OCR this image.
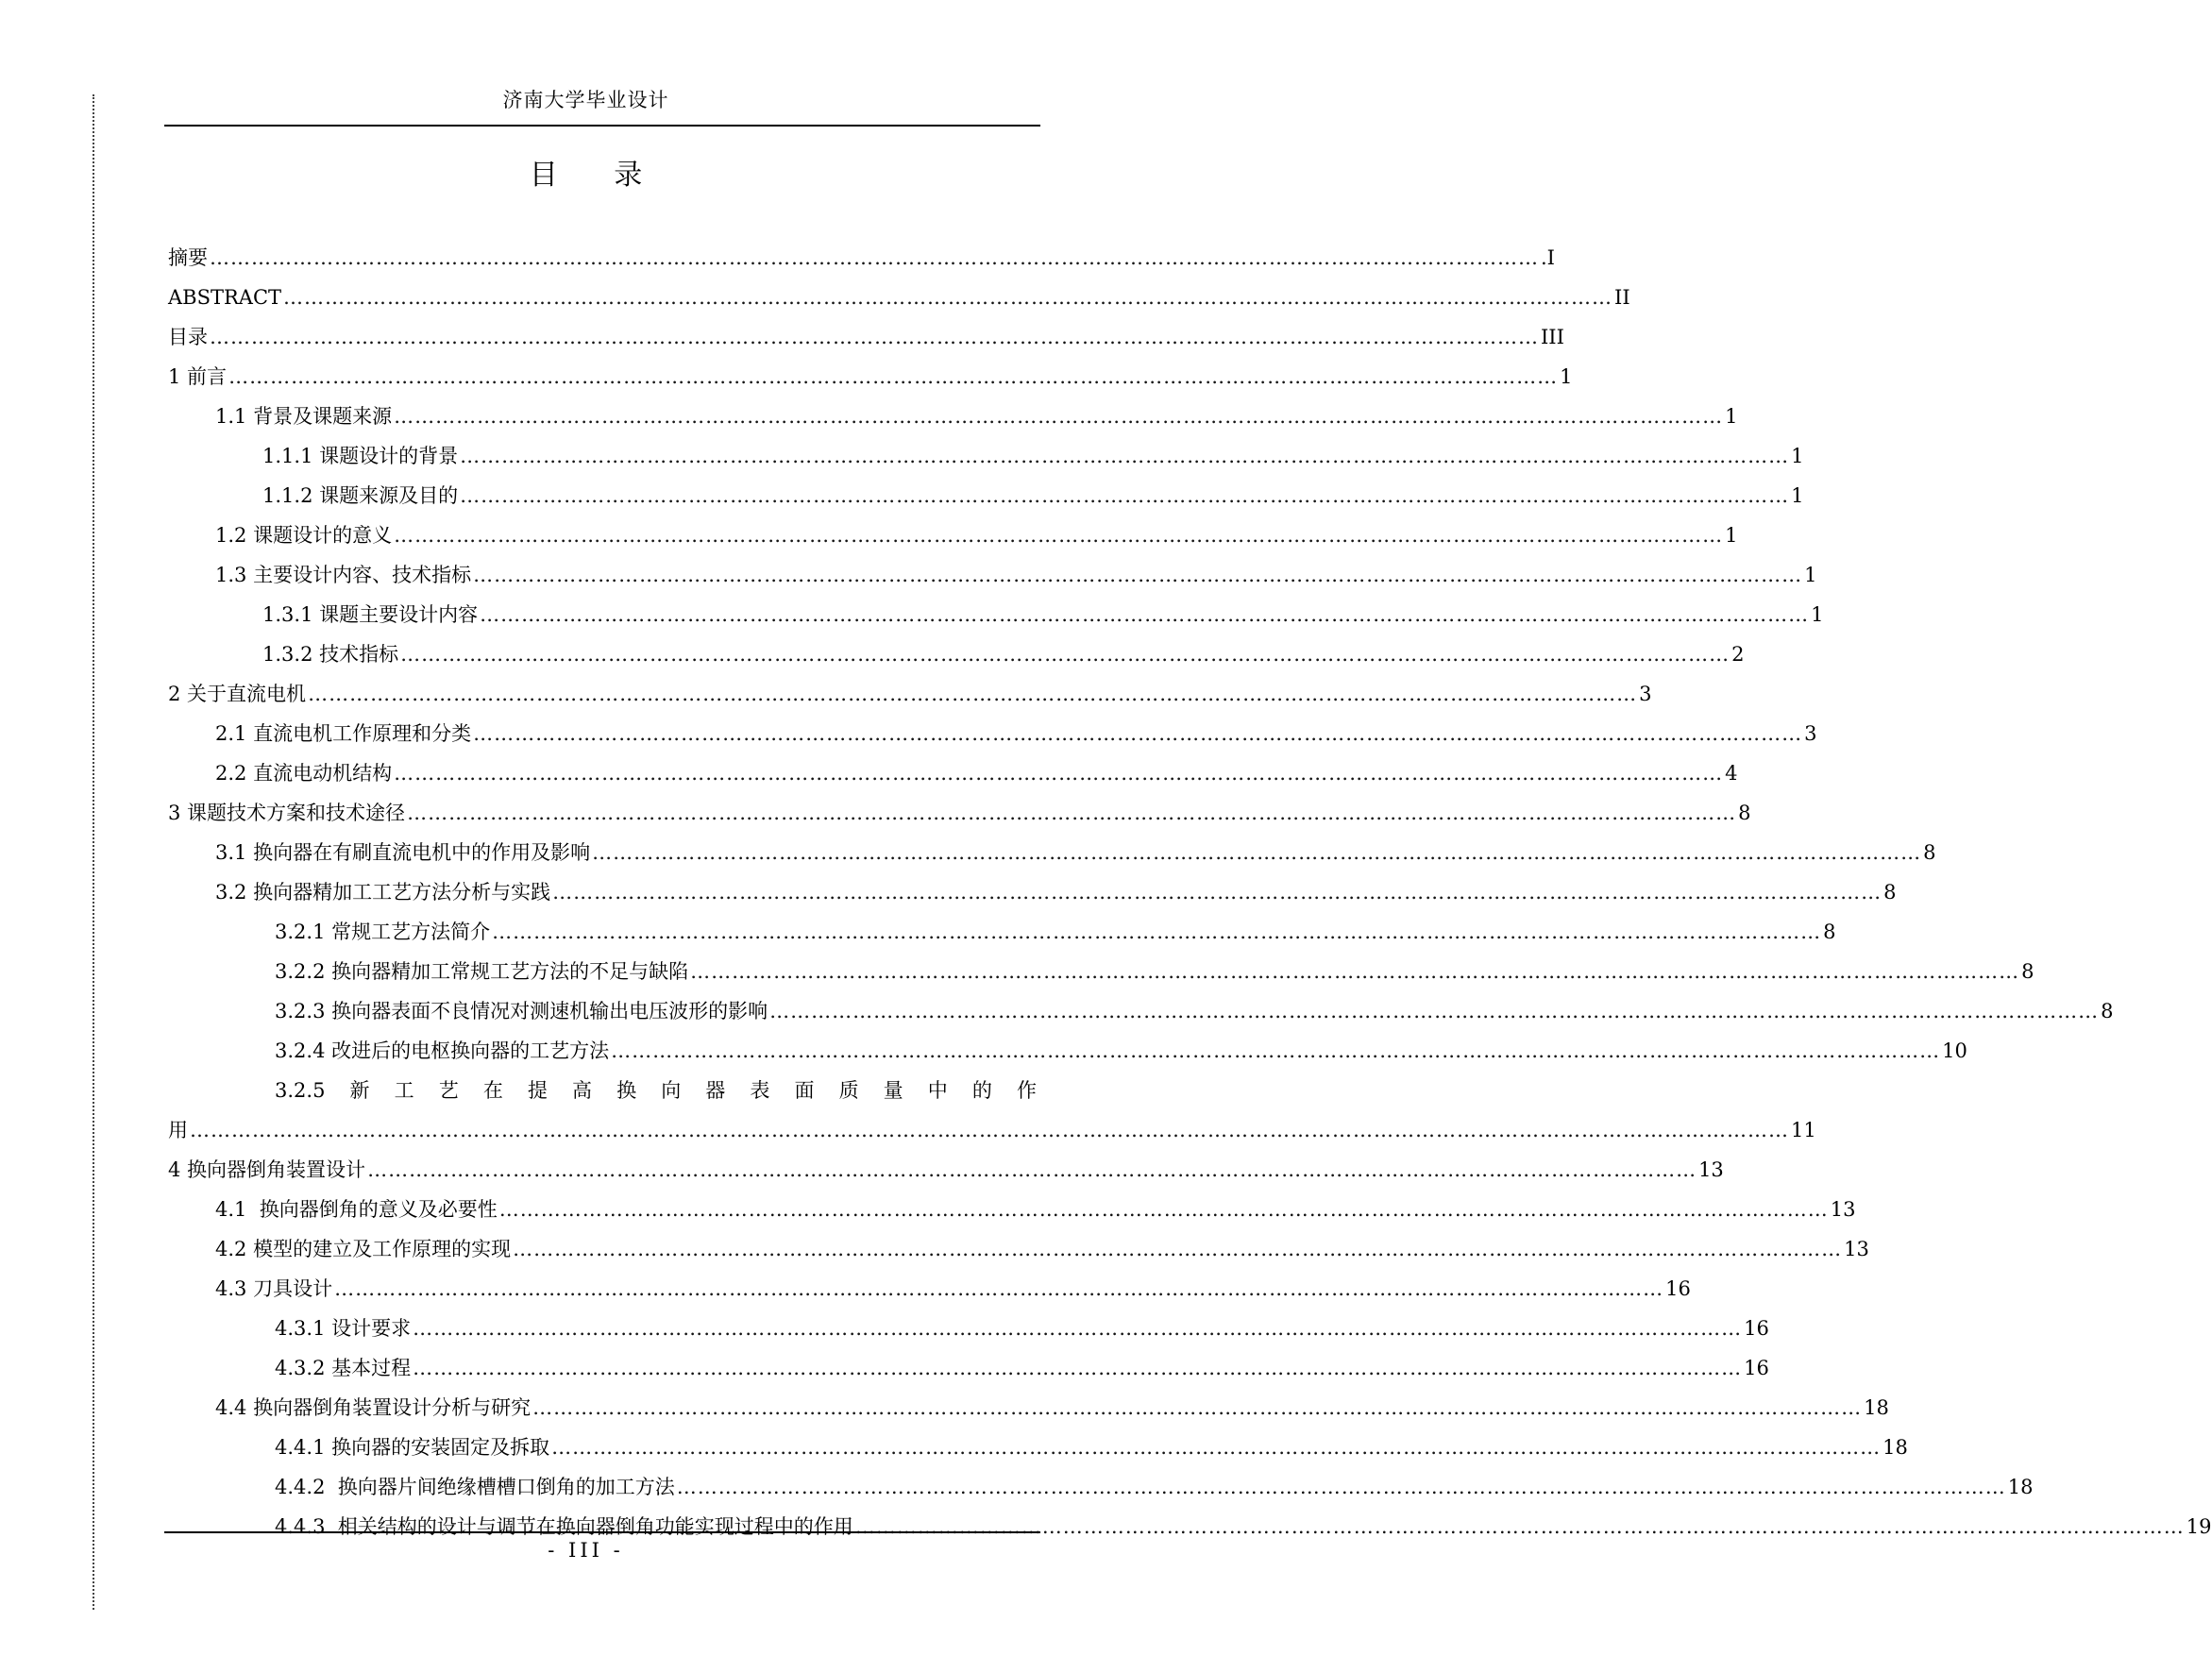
济南大学毕业设计
目 录
摘要 …………………………………………………………………………………………………………………………………………………………………………	.I
ABSTRACT …………………………………………………………………………………………………………………………………………………………………………	II
目录 …………………………………………………………………………………………………………………………………………………………………………	III
1 前言 …………………………………………………………………………………………………………………………………………………………………………	1
1.1 背景及课题来源 …………………………………………………………………………………………………………………………………………………………………………	1
1.1.1 课题设计的背景 …………………………………………………………………………………………………………………………………………………………………………	1
1.1.2 课题来源及目的 …………………………………………………………………………………………………………………………………………………………………………	1
1.2 课题设计的意义 …………………………………………………………………………………………………………………………………………………………………………	1
1.3 主要设计内容、技术指标 …………………………………………………………………………………………………………………………………………………………………………	1
1.3.1 课题主要设计内容 …………………………………………………………………………………………………………………………………………………………………………	1
1.3.2 技术指标 …………………………………………………………………………………………………………………………………………………………………………	2
2 关于直流电机 …………………………………………………………………………………………………………………………………………………………………………	3
2.1 直流电机工作原理和分类 …………………………………………………………………………………………………………………………………………………………………………	3
2.2 直流电动机结构 …………………………………………………………………………………………………………………………………………………………………………	4
3 课题技术方案和技术途径 …………………………………………………………………………………………………………………………………………………………………………	8
3.1 换向器在有刷直流电机中的作用及影响 …………………………………………………………………………………………………………………………………………………………………………	8
3.2 换向器精加工工艺方法分析与实践 …………………………………………………………………………………………………………………………………………………………………………	8
3.2.1 常规工艺方法简介 …………………………………………………………………………………………………………………………………………………………………………	8
3.2.2 换向器精加工常规工艺方法的不足与缺陷 …………………………………………………………………………………………………………………………………………………………………………	8
3.2.3 换向器表面不良情况对测速机输出电压波形的影响 …………………………………………………………………………………………………………………………………………………………………………	8
3.2.4 改进后的电枢换向器的工艺方法 …………………………………………………………………………………………………………………………………………………………………………	10
3.2.5 新 工 艺 在 提 高 换 向 器 表 面 质 量 中 的 作
用	………………………………………………………………………………………………………………………………………………………………………… ………………………………… 11
4 换向器倒角装置设计 …………………………………………………………………………………………………………………………………………………………………………	13
4.1 换向器倒角的意义及必要性 …………………………………………………………………………………………………………………………………………………………………………	13
4.2 模型的建立及工作原理的实现 …………………………………………………………………………………………………………………………………………………………………………	13
4.3 刀具设计 …………………………………………………………………………………………………………………………………………………………………………	16
4.3.1 设计要求 …………………………………………………………………………………………………………………………………………………………………………	16
4.3.2 基本过程 …………………………………………………………………………………………………………………………………………………………………………	16
4.4 换向器倒角装置设计分析与研究 …………………………………………………………………………………………………………………………………………………………………………	18
4.4.1 换向器的安装固定及拆取 …………………………………………………………………………………………………………………………………………………………………………	18
4.4.2 换向器片间绝缘槽槽口倒角的加工方法 …………………………………………………………………………………………………………………………………………………………………………	18
4.4.3 相关结构的设计与调节在换向器倒角功能实现过程中的作用 …………………………………………………………………………………………………………………………………………………………………………	19
- III -
